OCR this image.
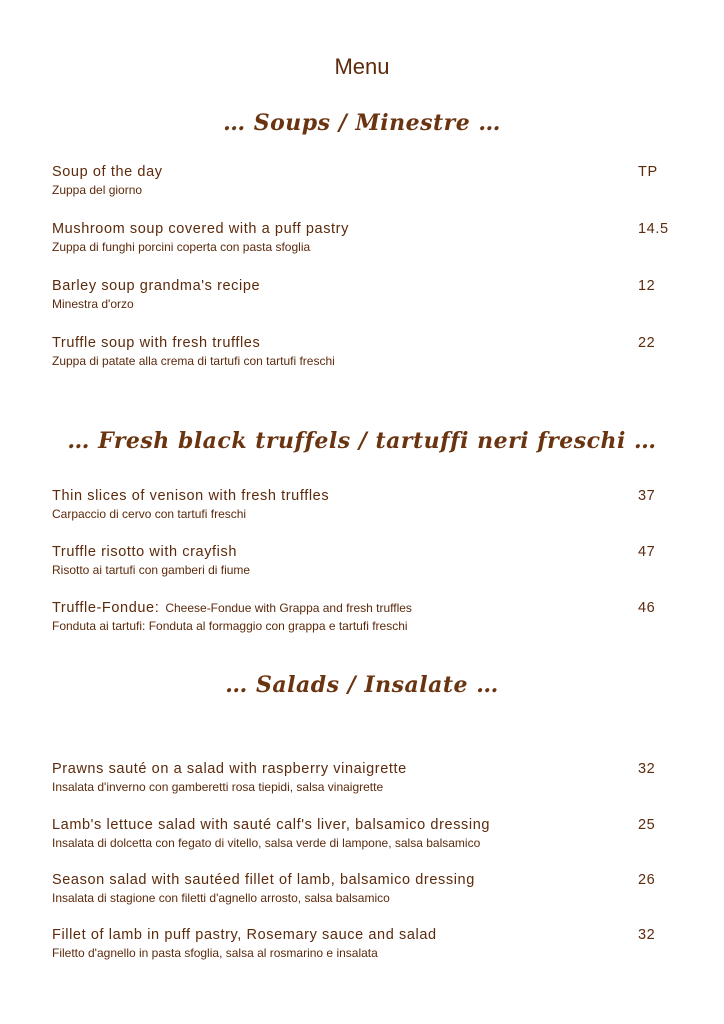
Menu
… Soups / Minestre …
Soup of the day
Zuppa del giorno
TP
Mushroom soup covered with a puff pastry
Zuppa di funghi porcini coperta con pasta sfoglia
14.5
Barley soup grandma's recipe
Minestra d'orzo
12
Truffle soup with fresh truffles
Zuppa di patate alla crema di tartufi con tartufi freschi
22
… Fresh black truffels / tartuffi neri freschi …
Thin slices of venison with fresh truffles
Carpaccio di cervo con tartufi freschi
37
Truffle risotto with crayfish
Risotto ai tartufi con gamberi di fiume
47
Truffle-Fondue: Cheese-Fondue with Grappa and fresh truffles
Fonduta ai tartufi: Fonduta al formaggio con grappa e tartufi freschi
46
… Salads / Insalate …
Prawns sauté on a salad with raspberry vinaigrette
Insalata d'inverno con gamberetti rosa tiepidi, salsa vinaigrette
32
Lamb's lettuce salad with sauté calf's liver, balsamico dressing
Insalata di dolcetta con fegato di vitello, salsa verde di lampone, salsa balsamico
25
Season salad with sautéed fillet of lamb, balsamico dressing
Insalata di stagione con filetti d'agnello arrosto, salsa balsamico
26
Fillet of lamb in puff pastry, Rosemary sauce and salad
Filetto d'agnello in pasta sfoglia, salsa al rosmarino e insalata
32
